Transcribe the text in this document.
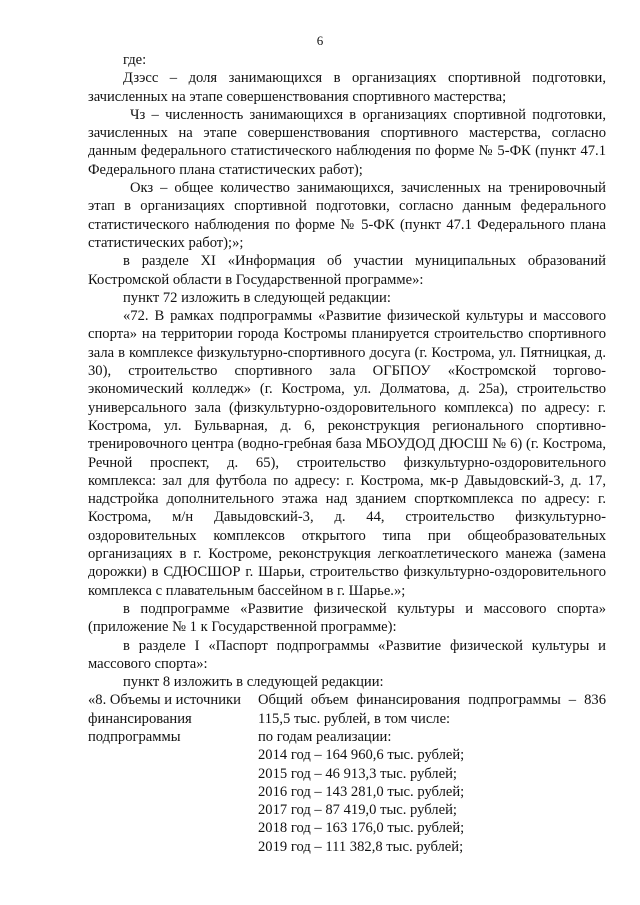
6

где:

Дзэсс – доля занимающихся в организациях спортивной подготовки, зачисленных на этапе совершенствования спортивного мастерства;

Чз – численность занимающихся в организациях спортивной подготовки, зачисленных на этапе совершенствования спортивного мастерства, согласно данным федерального статистического наблюдения по форме № 5-ФК (пункт 47.1 Федерального плана статистических работ);

Окз – общее количество занимающихся, зачисленных на тренировочный этап в организациях спортивной подготовки, согласно данным федерального статистического наблюдения по форме № 5-ФК (пункт 47.1 Федерального плана статистических работ);»;

в разделе XI «Информация об участии муниципальных образований Костромской области в Государственной программе»:

пункт 72 изложить в следующей редакции:

«72. В рамках подпрограммы «Развитие физической культуры и массового спорта» на территории города Костромы планируется строительство спортивного зала в комплексе физкультурно-спортивного досуга (г. Кострома, ул. Пятницкая, д. 30), строительство спортивного зала ОГБПОУ «Костромской торгово-экономический колледж» (г. Кострома, ул. Долматова, д. 25а), строительство универсального зала (физкультурно-оздоровительного комплекса) по адресу: г. Кострома, ул. Бульварная, д. 6, реконструкция регионального спортивно-тренировочного центра (водно-гребная база МБОУДОД ДЮСШ № 6) (г. Кострома, Речной проспект, д. 65), строительство физкультурно-оздоровительного комплекса: зал для футбола по адресу: г. Кострома, мк-р Давыдовский-3, д. 17, надстройка дополнительного этажа над зданием спорткомплекса по адресу: г. Кострома, м/н Давыдовский-3, д. 44, строительство физкультурно-оздоровительных комплексов открытого типа при общеобразовательных организациях в г. Костроме, реконструкция легкоатлетического манежа (замена дорожки) в СДЮСШОР г. Шарьи, строительство физкультурно-оздоровительного комплекса с плавательным бассейном в г. Шарье.»;

в подпрограмме «Развитие физической культуры и массового спорта» (приложение № 1 к Государственной программе):

в разделе I «Паспорт подпрограммы «Развитие физической культуры и массового спорта»:

пункт 8 изложить в следующей редакции:

«8. Объемы и источники
финансирования
подпрограммы

Общий объем финансирования подпрограммы – 836 115,5 тыс. рублей, в том числе:

по годам реализации:
2014 год – 164 960,6 тыс. рублей;
2015 год – 46 913,3 тыс. рублей;
2016 год – 143 281,0 тыс. рублей;
2017 год – 87 419,0 тыс. рублей;
2018 год – 163 176,0 тыс. рублей;
2019 год – 111 382,8 тыс. рублей;
